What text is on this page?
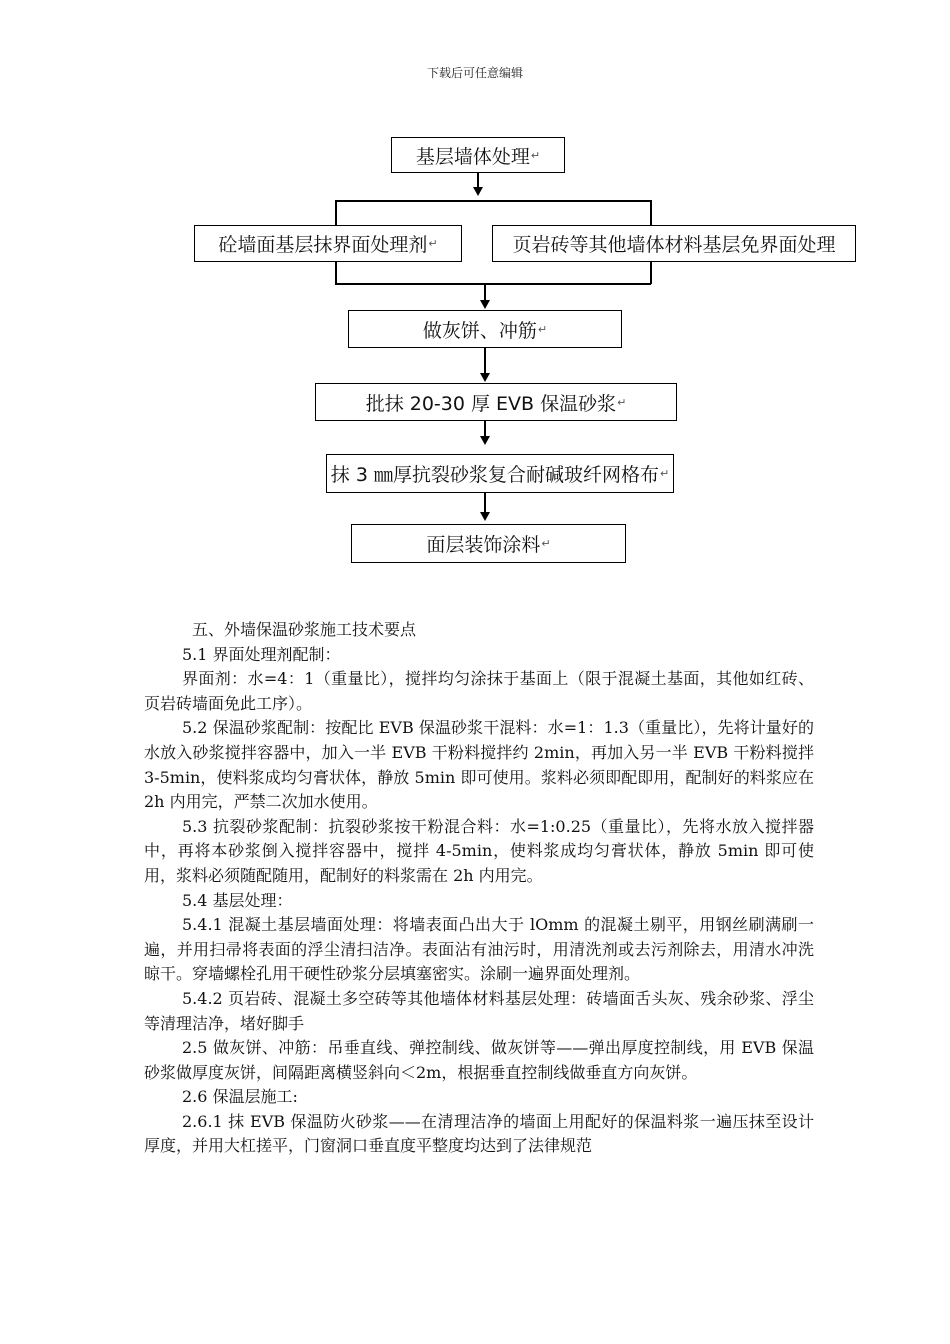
下载后可任意编辑
基层墙体处理 ↵
砼墙面基层抹界面处理剂 ↵	页岩砖等其他墙体材料基层免界面处理
做灰饼、冲筋 ↵
批抹 20-30 厚 EVB 保温砂浆 ↵
抹 3 ㎜厚抗裂砂浆复合耐碱玻纤网格布 ↵
面层装饰涂料 ↵

五、外墙保温砂浆施工技术要点

5.1 界面处理剂配制：

界面剂：水=4：1（重量比），搅拌均匀涂抹于基面上（限于混凝土基面，其他如红砖、页岩砖墙面免此工序）。

5.2 保温砂浆配制：按配比 EVB 保温砂浆干混料：水=1：1.3（重量比），先将计量好的水放入砂浆搅拌容器中，加入一半 EVB 干粉料搅拌约 2min，再加入另一半 EVB 干粉料搅拌 3-5min，使料浆成均匀膏状体，静放 5min 即可使用。浆料必须即配即用，配制好的料浆应在 2h 内用完，严禁二次加水使用。

5.3 抗裂砂浆配制：抗裂砂浆按干粉混合料：水=1:0.25（重量比），先将水放入搅拌器中，再将本砂浆倒入搅拌容器中，搅拌 4-5min，使料浆成均匀膏状体，静放 5min 即可使用，浆料必须随配随用，配制好的料浆需在 2h 内用完。

5.4 基层处理：

5.4.1 混凝土基层墙面处理：将墙表面凸出大于 lOmm 的混凝土剔平，用钢丝刷满刷一遍，并用扫帚将表面的浮尘清扫洁净。表面沾有油污时，用清洗剂或去污剂除去，用清水冲洗晾干。穿墙螺栓孔用干硬性砂浆分层填塞密实。涂刷一遍界面处理剂。

5.4.2 页岩砖、混凝土多空砖等其他墙体材料基层处理：砖墙面舌头灰、残余砂浆、浮尘等清理洁净，堵好脚手

2.5 做灰饼、冲筋：吊垂直线、弹控制线、做灰饼等——弹出厚度控制线，用 EVB 保温砂浆做厚度灰饼，间隔距离横竖斜向＜2m，根据垂直控制线做垂直方向灰饼。

2.6 保温层施工:

2.6.1 抹 EVB 保温防火砂浆——在清理洁净的墙面上用配好的保温料浆一遍压抹至设计厚度，并用大杠搓平，门窗洞口垂直度平整度均达到了法律规范
